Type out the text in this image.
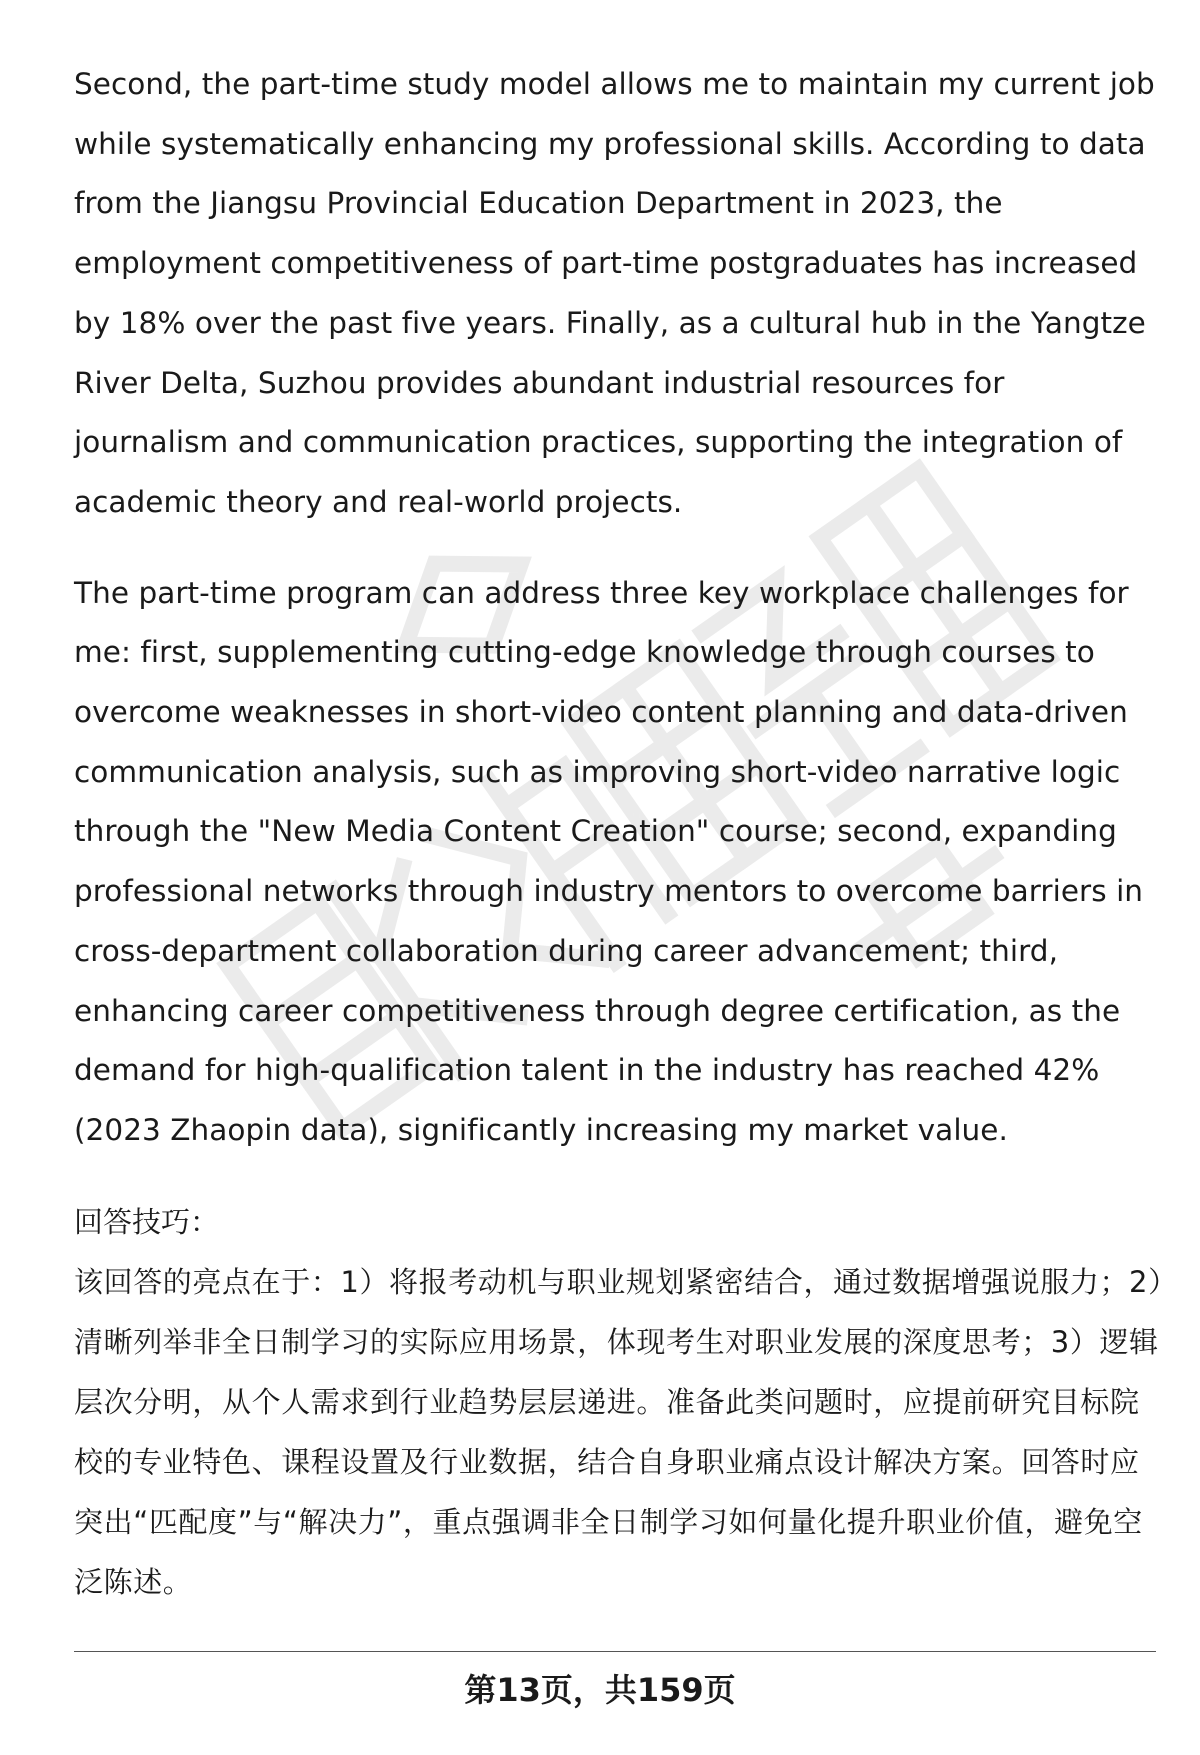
Second, the part-time study model allows me to maintain my current job while systematically enhancing my professional skills. According to data from the Jiangsu Provincial Education Department in 2023, the employment competitiveness of part-time postgraduates has increased by 18% over the past five years. Finally, as a cultural hub in the Yangtze River Delta, Suzhou provides abundant industrial resources for journalism and communication practices, supporting the integration of academic theory and real-world projects.

The part-time program can address three key workplace challenges for me: first, supplementing cutting-edge knowledge through courses to overcome weaknesses in short-video content planning and data-driven communication analysis, such as improving short-video narrative logic through the "New Media Content Creation" course; second, expanding professional networks through industry mentors to overcome barriers in cross-department collaboration during career advancement; third, enhancing career competitiveness through degree certification, as the demand for high-qualification talent in the industry has reached 42% (2023 Zhaopin data), significantly increasing my market value.

回答技巧：

该回答的亮点在于：1）将报考动机与职业规划紧密结合，通过数据增强说服力；2）清晰列举非全日制学习的实际应用场景，体现考生对职业发展的深度思考；3）逻辑层次分明，从个人需求到行业趋势层层递进。准备此类问题时，应提前研究目标院校的专业特色、课程设置及行业数据，结合自身职业痛点设计解决方案。回答时应突出“匹配度”与“解决力”，重点强调非全日制学习如何量化提升职业价值，避免空泛陈述。

第13页，共159页
